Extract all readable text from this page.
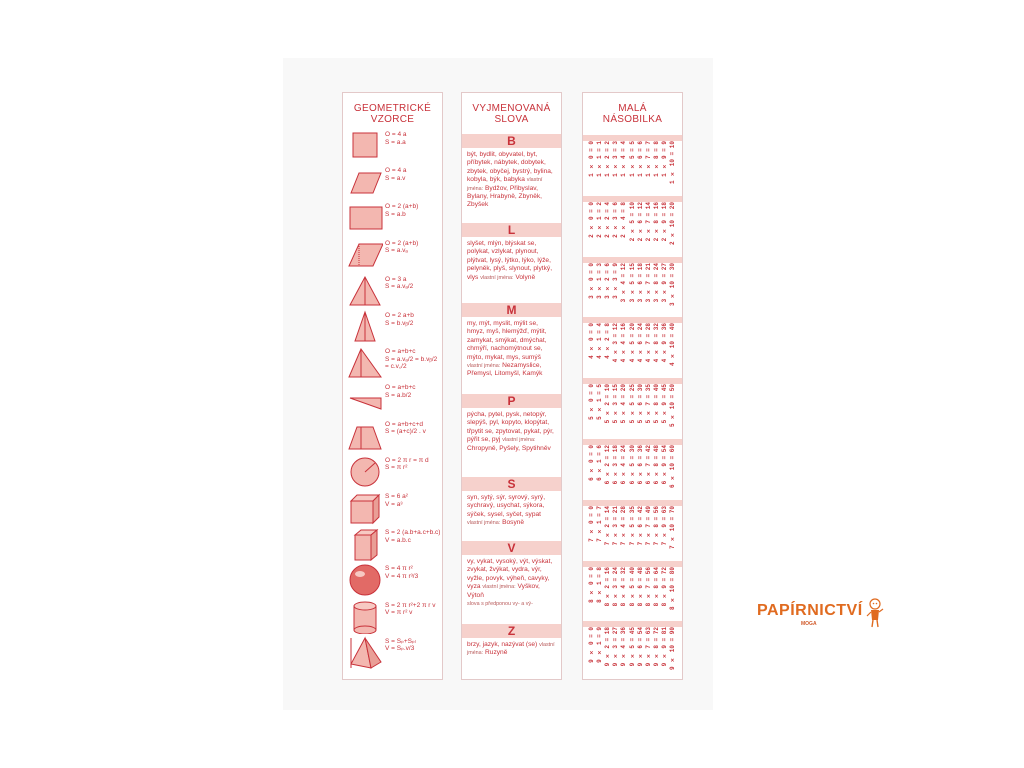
GEOMETRICKÉ
VZORCE
O = 4 a
S = a.a
O = 4 a
S = a.v
O = 2 (a+b)
S = a.b
O = 2 (a+b)
S = a.vₐ
O = 3 a
S = a.vₐ/2
O = 2 a+b
S = b.vᵦ/2
O = a+b+c
S = a.vₐ/2 = b.vᵦ/2 = c.v꜀/2
O = a+b+c
S = a.b/2
O = a+b+c+d
S = (a+c)/2 . v
O = 2 π r = π d
S = π r²
S = 6 a²
V = a³
S = 2 (a.b+a.c+b.c)
V = a.b.c
S = 4 π r²
V = 4 π r³/3
S = 2 π r²+2 π r v
V = π r² v
S = Sₚ+Sₚₗ
V = Sₚ.v/3
VYJMENOVANÁ
SLOVA
B
být, bydlit, obyvatel, byt, příbytek, nábytek, dobytek, zbytek, obyčej, bystrý, bylina, kobyla, býk, babyka vlastní jména: Bydžov, Přibyslav, Bylany, Hrabyně, Zbyněk, Zbyšek
L
slyšet, mlýn, blýskat se, polykat, vzlykat, plynout, plýtvat, lysý, lýtko, lýko, lýže, pelyněk, plyš, slynout, plytký, vlys vlastní jména: Volyně
M
my, mýt, myslit, mýlit se, hmyz, myš, hlemýžď, mýtit, zamykat, smýkat, dmýchat, chmýří, nachomýtnout se, mýto, mykat, mys, sumýš vlastní jména: Nezamyslice, Přemysl, Litomyšl, Kamýk
P
pýcha, pytel, pysk, netopýr, slepýš, pyl, kopyto, klopýtat, třpytit se, zpytovat, pykat, pýr, pýřit se, pyj vlastní jména: Chropyně, Pyšely, Spytihněv
S
syn, sytý, sýr, syrový, syrý, sychravý, usychat, sýkora, sýček, sysel, syčet, sypat vlastní jména: Bosyně
V
vy, vykat, vysoký, výt, výskat, zvykat, žvýkat, vydra, výr, vyžle, povyk, výheň, cavyky, vyza vlastní jména: Vyškov, Výtoň
slova s předponou vy- a vý-
Z
brzy, jazyk, nazývat (se) vlastní jména: Ruzyně
MALÁ
NÁSOBILKA
1 × 0 = 0 1 × 1 = 1 1 × 2 = 2 1 × 3 = 3 1 × 4 = 4 1 × 5 = 5 1 × 6 = 6 1 × 7 = 7 1 × 8 = 8 1 × 9 = 9 1 × 10 = 10
2 × 0 = 0 2 × 1 = 2 2 × 2 = 4 2 × 3 = 6 2 × 4 = 8 2 × 5 = 10 2 × 6 = 12 2 × 7 = 14 2 × 8 = 16 2 × 9 = 18 2 × 10 = 20
3 × 0 = 0 3 × 1 = 3 3 × 2 = 6 3 × 3 = 9 3 × 4 = 12 3 × 5 = 15 3 × 6 = 18 3 × 7 = 21 3 × 8 = 24 3 × 9 = 27 3 × 10 = 30
4 × 0 = 0 4 × 1 = 4 4 × 2 = 8 4 × 3 = 12 4 × 4 = 16 4 × 5 = 20 4 × 6 = 24 4 × 7 = 28 4 × 8 = 32 4 × 9 = 36 4 × 10 = 40
5 × 0 = 0 5 × 1 = 5 5 × 2 = 10 5 × 3 = 15 5 × 4 = 20 5 × 5 = 25 5 × 6 = 30 5 × 7 = 35 5 × 8 = 40 5 × 9 = 45 5 × 10 = 50
6 × 0 = 0 6 × 1 = 6 6 × 2 = 12 6 × 3 = 18 6 × 4 = 24 6 × 5 = 30 6 × 6 = 36 6 × 7 = 42 6 × 8 = 48 6 × 9 = 54 6 × 10 = 60
7 × 0 = 0 7 × 1 = 7 7 × 2 = 14 7 × 3 = 21 7 × 4 = 28 7 × 5 = 35 7 × 6 = 42 7 × 7 = 49 7 × 8 = 56 7 × 9 = 63 7 × 10 = 70
8 × 0 = 0 8 × 1 = 8 8 × 2 = 16 8 × 3 = 24 8 × 4 = 32 8 × 5 = 40 8 × 6 = 48 8 × 7 = 56 8 × 8 = 64 8 × 9 = 72 8 × 10 = 80
9 × 0 = 0 9 × 1 = 9 9 × 2 = 18 9 × 3 = 27 9 × 4 = 36 9 × 5 = 45 9 × 6 = 54 9 × 7 = 63 9 × 8 = 72 9 × 9 = 81 9 × 10 = 90
PAPÍRNICTVÍ
MOGA
